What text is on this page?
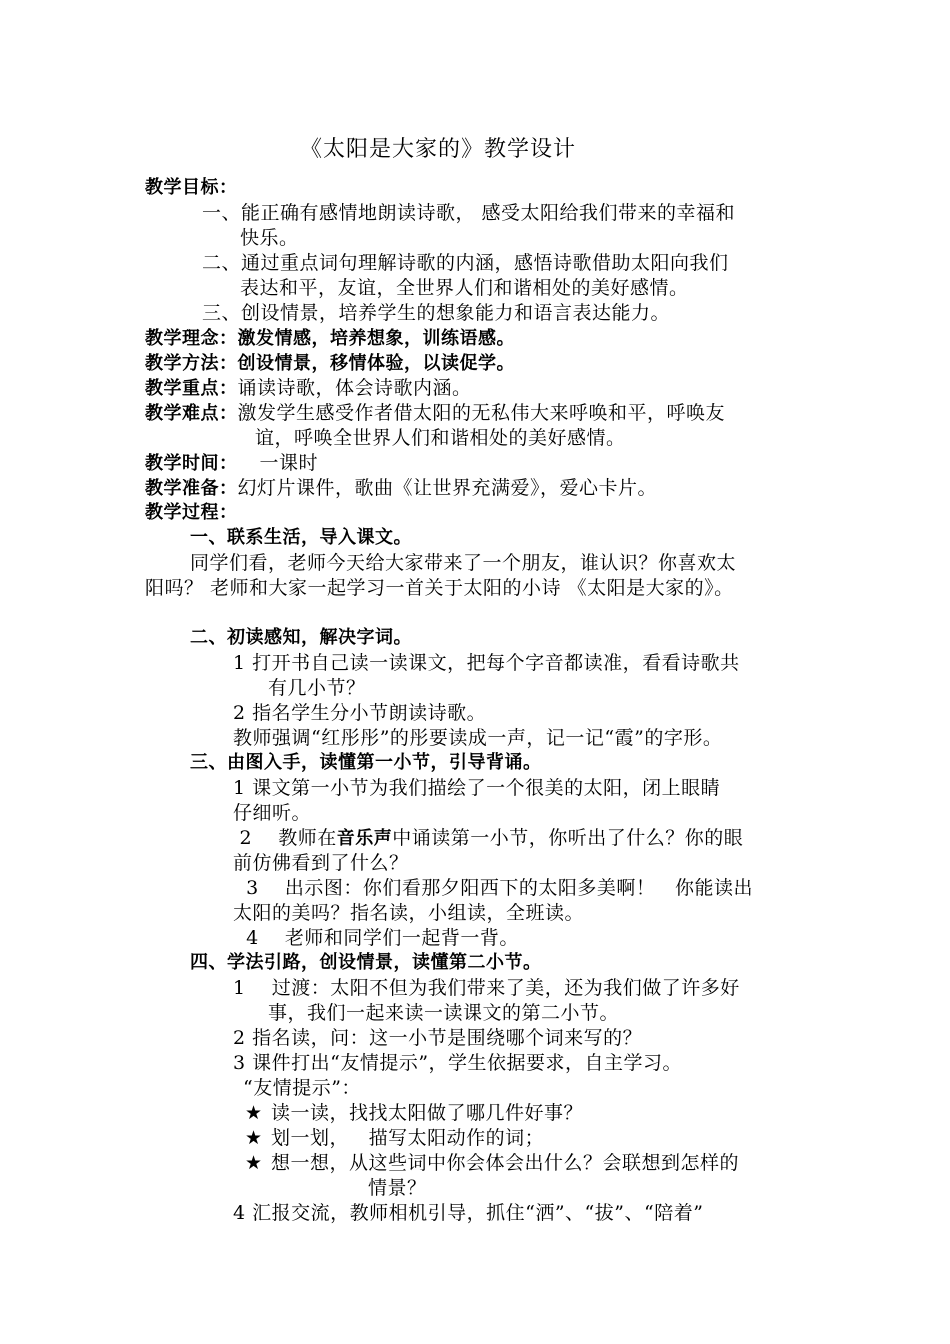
《太阳是大家的》教学设计
教学目标：
一、能正确有感情地朗读诗歌， 感受太阳给我们带来的幸福和
快乐。
二、通过重点词句理解诗歌的内涵，感悟诗歌借助太阳向我们
表达和平，友谊，全世界人们和谐相处的美好感情。
三、创设情景，培养学生的想象能力和语言表达能力。
教学理念：激发情感，培养想象，训练语感。
教学方法：创设情景，移情体验，以读促学。
教学重点：诵读诗歌，体会诗歌内涵。
教学难点：激发学生感受作者借太阳的无私伟大来呼唤和平，呼唤友
谊，呼唤全世界人们和谐相处的美好感情。
教学时间： 一课时
教学准备：幻灯片课件，歌曲《让世界充满爱》，爱心卡片。
教学过程：
一、联系生活，导入课文。
同学们看，老师今天给大家带来了一个朋友，谁认识？你喜欢太
阳吗？ 老师和大家一起学习一首关于太阳的小诗 《太阳是大家的》。
二、初读感知，解决字词。
1 打开书自己读一读课文，把每个字音都读准，看看诗歌共
有几小节？
2 指名学生分小节朗读诗歌。
教师强调“红彤彤”的彤要读成一声，记一记“霞”的字形。
三、由图入手，读懂第一小节，引导背诵。
1 课文第一小节为我们描绘了一个很美的太阳，闭上眼睛
仔细听。
2    教师在音乐声中诵读第一小节，你听出了什么？你的眼
前仿佛看到了什么？
3    出示图：你们看那夕阳西下的太阳多美啊！   你能读出
太阳的美吗？指名读，小组读，全班读。
4    老师和同学们一起背一背。
四、学法引路，创设情景，读懂第二小节。
1    过渡：太阳不但为我们带来了美，还为我们做了许多好
事，我们一起来读一读课文的第二小节。
2 指名读，问：这一小节是围绕哪个词来写的？
3 课件打出“友情提示”，学生依据要求，自主学习。
“友情提示”：
★ 读一读，找找太阳做了哪几件好事？
★ 划一划，   描写太阳动作的词；
★ 想一想，从这些词中你会体会出什么？会联想到怎样的
情景？
4 汇报交流，教师相机引导，抓住“洒”、“拔”、“陪着”
